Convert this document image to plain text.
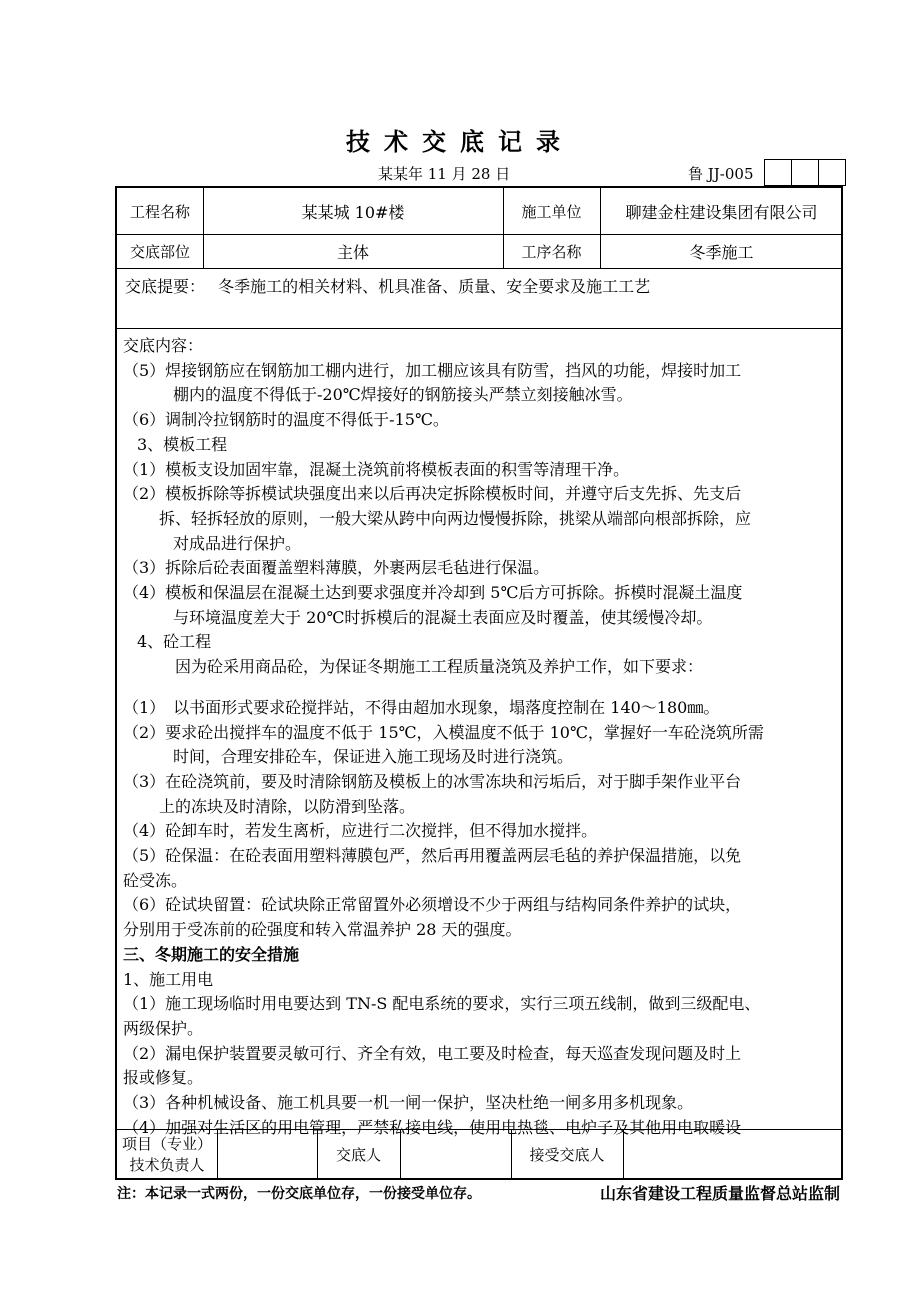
技术交底记录
某某年 11 月 28 日	鲁 JJ-005
工程名称	某某城 10#楼	施工单位	聊建金柱建设集团有限公司
交底部位	主体	工序名称	冬季施工
交底提要： 冬季施工的相关材料、机具准备、质量、安全要求及施工工艺
交底内容：
（5）焊接钢筋应在钢筋加工棚内进行，加工棚应该具有防雪，挡风的功能，焊接时加工
棚内的温度不得低于-20℃焊接好的钢筋接头严禁立刻接触冰雪。
（6）调制冷拉钢筋时的温度不得低于-15℃。
3、模板工程
（1）模板支设加固牢靠，混凝土浇筑前将模板表面的积雪等清理干净。
（2）模板拆除等拆模试块强度出来以后再决定拆除模板时间，并遵守后支先拆、先支后
拆、轻拆轻放的原则，一般大梁从跨中向两边慢慢拆除，挑梁从端部向根部拆除，应
对成品进行保护。
（3）拆除后砼表面覆盖塑料薄膜，外裹两层毛毡进行保温。
（4）模板和保温层在混凝土达到要求强度并冷却到 5℃后方可拆除。拆模时混凝土温度
与环境温度差大于 20℃时拆模后的混凝土表面应及时覆盖，使其缓慢冷却。
4、砼工程
因为砼采用商品砼，为保证冬期施工工程质量浇筑及养护工作，如下要求：
（1）　以书面形式要求砼搅拌站，不得由超加水现象，塌落度控制在 140～180㎜。
（2）要求砼出搅拌车的温度不低于 15℃，入模温度不低于 10℃，掌握好一车砼浇筑所需
时间，合理安排砼车，保证进入施工现场及时进行浇筑。
（3）在砼浇筑前，要及时清除钢筋及模板上的冰雪冻块和污垢后，对于脚手架作业平台
上的冻块及时清除，以防滑到坠落。
（4）砼卸车时，若发生离析，应进行二次搅拌，但不得加水搅拌。
（5）砼保温：在砼表面用塑料薄膜包严，然后再用覆盖两层毛毡的养护保温措施，以免
砼受冻。
（6）砼试块留置：砼试块除正常留置外必须增设不少于两组与结构同条件养护的试块，
分别用于受冻前的砼强度和转入常温养护 28 天的强度。
三、冬期施工的安全措施
1、施工用电
（1）施工现场临时用电要达到 TN-S 配电系统的要求，实行三项五线制，做到三级配电、
两级保护。
（2）漏电保护装置要灵敏可行、齐全有效，电工要及时检查，每天巡查发现问题及时上
报或修复。
（3）各种机械设备、施工机具要一机一闸一保护，坚决杜绝一闸多用多机现象。
（4）加强对生活区的用电管理，严禁私接电线，使用电热毯、电炉子及其他用电取暖设
项目（专业）
技术负责人
交底人	接受交底人
注：本记录一式两份，一份交底单位存，一份接受单位存。	山东省建设工程质量监督总站监制
